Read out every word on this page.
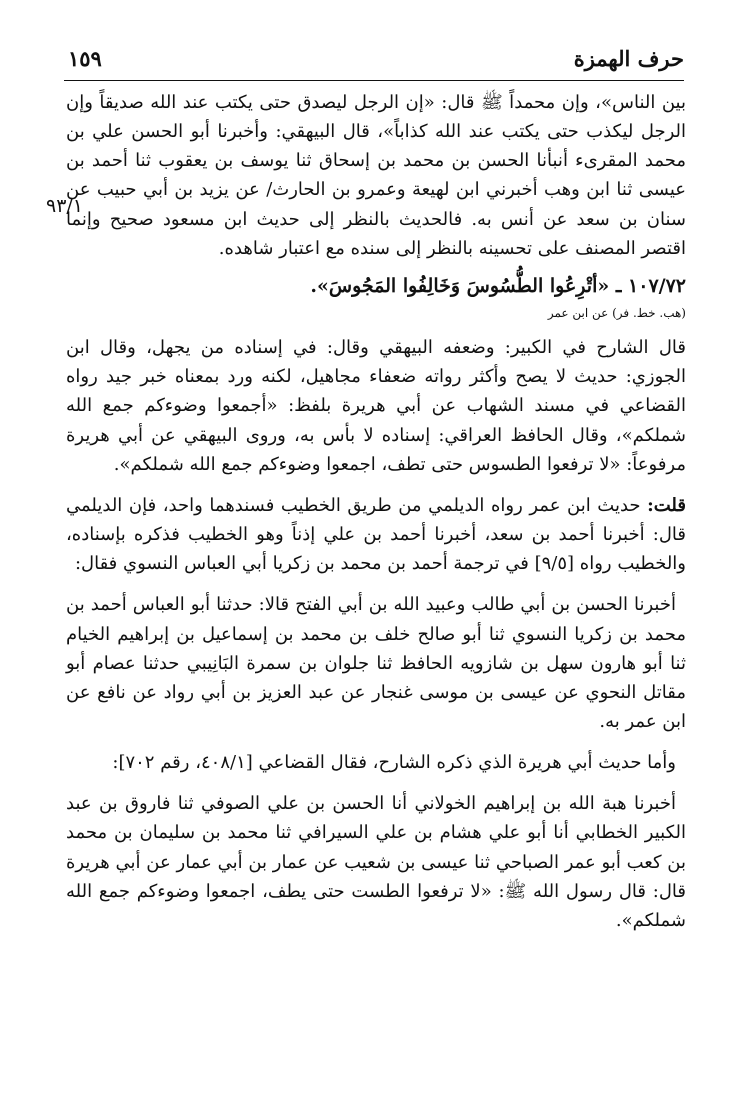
حرف الهمزة
١٥٩
٩٣/١

بين الناس»، وإن محمداً ﷺ قال: «إن الرجل ليصدق حتى يكتب عند الله صديقاً وإن الرجل ليكذب حتى يكتب عند الله كذاباً»، قال البيهقي: وأخبرنا أبو الحسن علي بن محمد المقرىء أنبأنا الحسن بن محمد بن إسحاق ثنا يوسف بن يعقوب ثنا أحمد بن عيسى ثنا ابن وهب أخبرني ابن لهيعة وعمرو بن الحارث/ عن يزيد بن أبي حبيب عن سنان بن سعد عن أنس به. فالحديث بالنظر إلى حديث ابن مسعود صحيح وإنما اقتصر المصنف على تحسينه بالنظر إلى سنده مع اعتبار شاهده.

١٠٧/٧٢ ـ «أتْرِعُوا الطُّسُوسَ وَخَالِفُوا المَجُوسَ».

(هب. خط. فر) عن ابن عمر

قال الشارح في الكبير: وضعفه البيهقي وقال: في إسناده من يجهل، وقال ابن الجوزي: حديث لا يصح وأكثر رواته ضعفاء مجاهيل، لكنه ورد بمعناه خبر جيد رواه القضاعي في مسند الشهاب عن أبي هريرة بلفظ: «أجمعوا وضوءكم جمع الله شملكم»، وقال الحافظ العراقي: إسناده لا بأس به، وروى البيهقي عن أبي هريرة مرفوعاً: «لا ترفعوا الطسوس حتى تطف، اجمعوا وضوءكم جمع الله شملكم».

قلت: حديث ابن عمر رواه الديلمي من طريق الخطيب فسندهما واحد، فإن الديلمي قال: أخبرنا أحمد بن سعد، أخبرنا أحمد بن علي إذناً وهو الخطيب فذكره بإسناده، والخطيب رواه [٩/٥] في ترجمة أحمد بن محمد بن زكريا أبي العباس النسوي فقال:

أخبرنا الحسن بن أبي طالب وعبيد الله بن أبي الفتح قالا: حدثنا أبو العباس أحمد بن محمد بن زكريا النسوي ثنا أبو صالح خلف بن محمد بن إسماعيل بن إبراهيم الخيام ثنا أبو هارون سهل بن شازويه الحافظ ثنا جلوان بن سمرة البَانِيبي حدثنا عصام أبو مقاتل النحوي عن عيسى بن موسى غنجار عن عبد العزيز بن أبي رواد عن نافع عن ابن عمر به.

وأما حديث أبي هريرة الذي ذكره الشارح، فقال القضاعي [٤٠٨/١، رقم ٧٠٢]:

أخبرنا هبة الله بن إبراهيم الخولاني أنا الحسن بن علي الصوفي ثنا فاروق بن عبد الكبير الخطابي أنا أبو علي هشام بن علي السيرافي ثنا محمد بن سليمان بن محمد بن كعب أبو عمر الصباحي ثنا عيسى بن شعيب عن عمار بن أبي عمار عن أبي هريرة قال: قال رسول الله ﷺ: «لا ترفعوا الطست حتى يطف، اجمعوا وضوءكم جمع الله شملكم».
